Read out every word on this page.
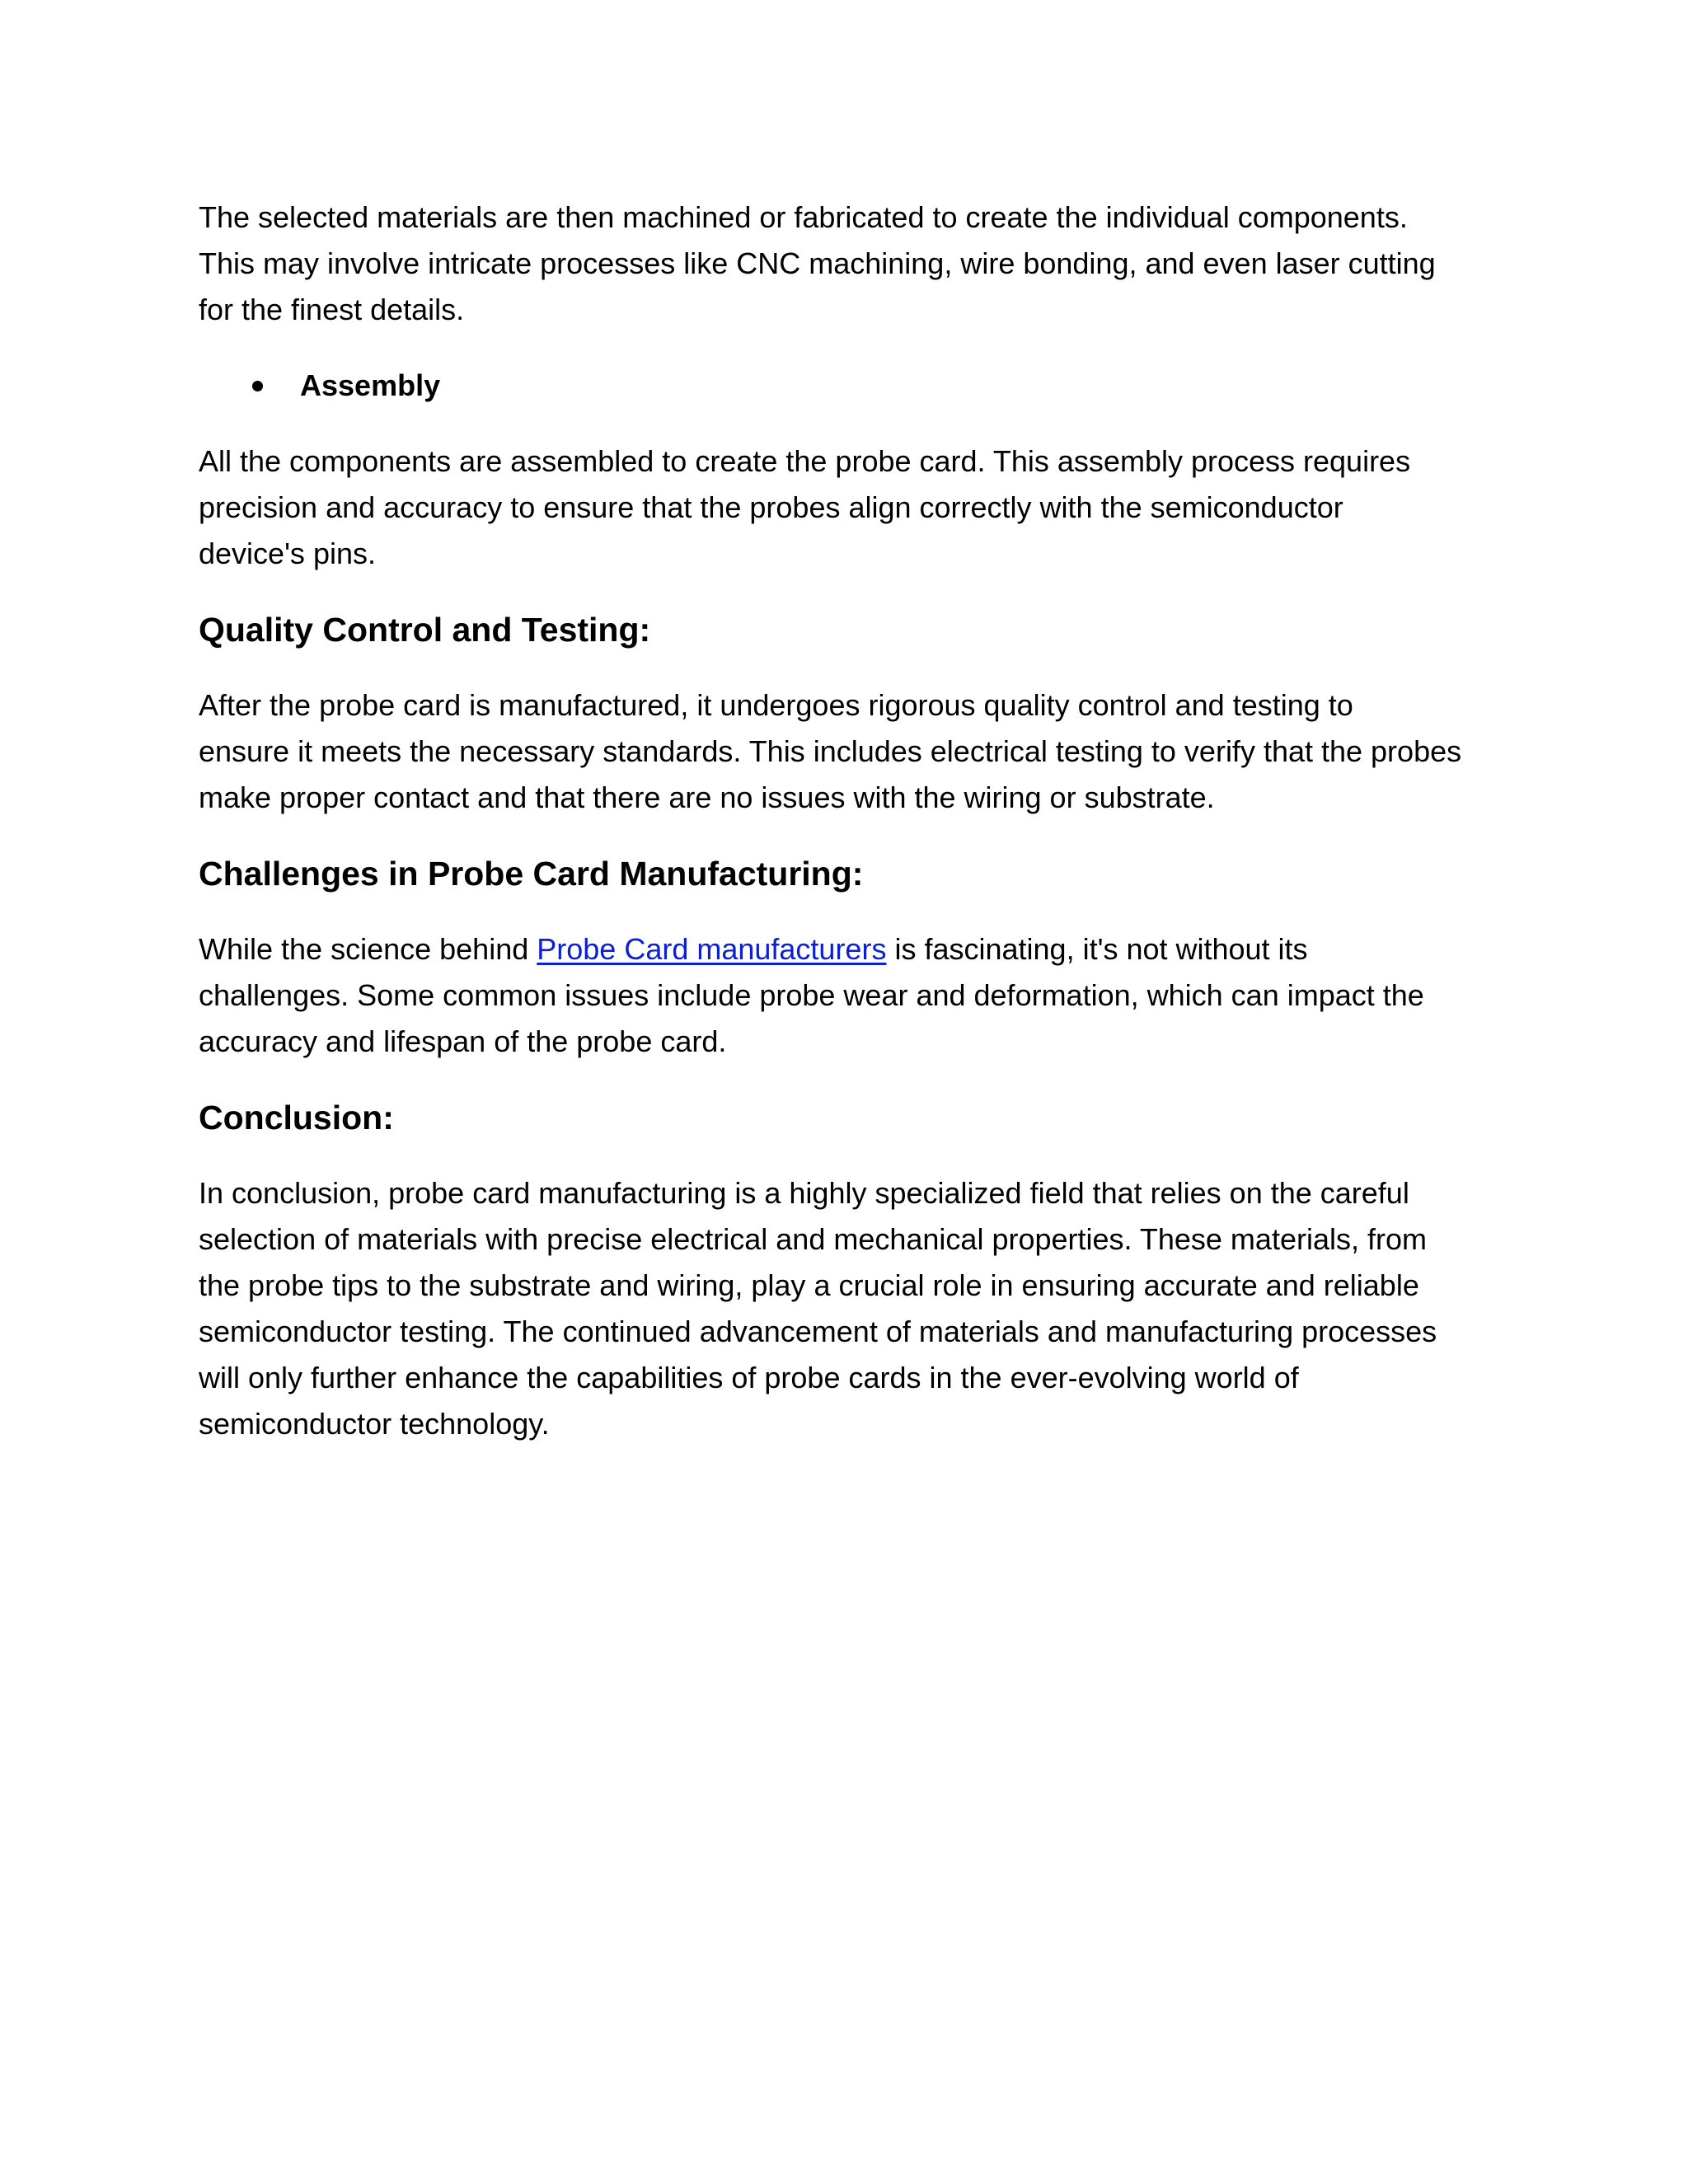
The selected materials are then machined or fabricated to create the individual components.
This may involve intricate processes like CNC machining, wire bonding, and even laser cutting
for the finest details.

Assembly

All the components are assembled to create the probe card. This assembly process requires
precision and accuracy to ensure that the probes align correctly with the semiconductor
device's pins.

Quality Control and Testing:

After the probe card is manufactured, it undergoes rigorous quality control and testing to
ensure it meets the necessary standards. This includes electrical testing to verify that the probes
make proper contact and that there are no issues with the wiring or substrate.

Challenges in Probe Card Manufacturing:

While the science behind Probe Card manufacturers is fascinating, it's not without its
challenges. Some common issues include probe wear and deformation, which can impact the
accuracy and lifespan of the probe card.

Conclusion:

In conclusion, probe card manufacturing is a highly specialized field that relies on the careful
selection of materials with precise electrical and mechanical properties. These materials, from
the probe tips to the substrate and wiring, play a crucial role in ensuring accurate and reliable
semiconductor testing. The continued advancement of materials and manufacturing processes
will only further enhance the capabilities of probe cards in the ever-evolving world of
semiconductor technology.
